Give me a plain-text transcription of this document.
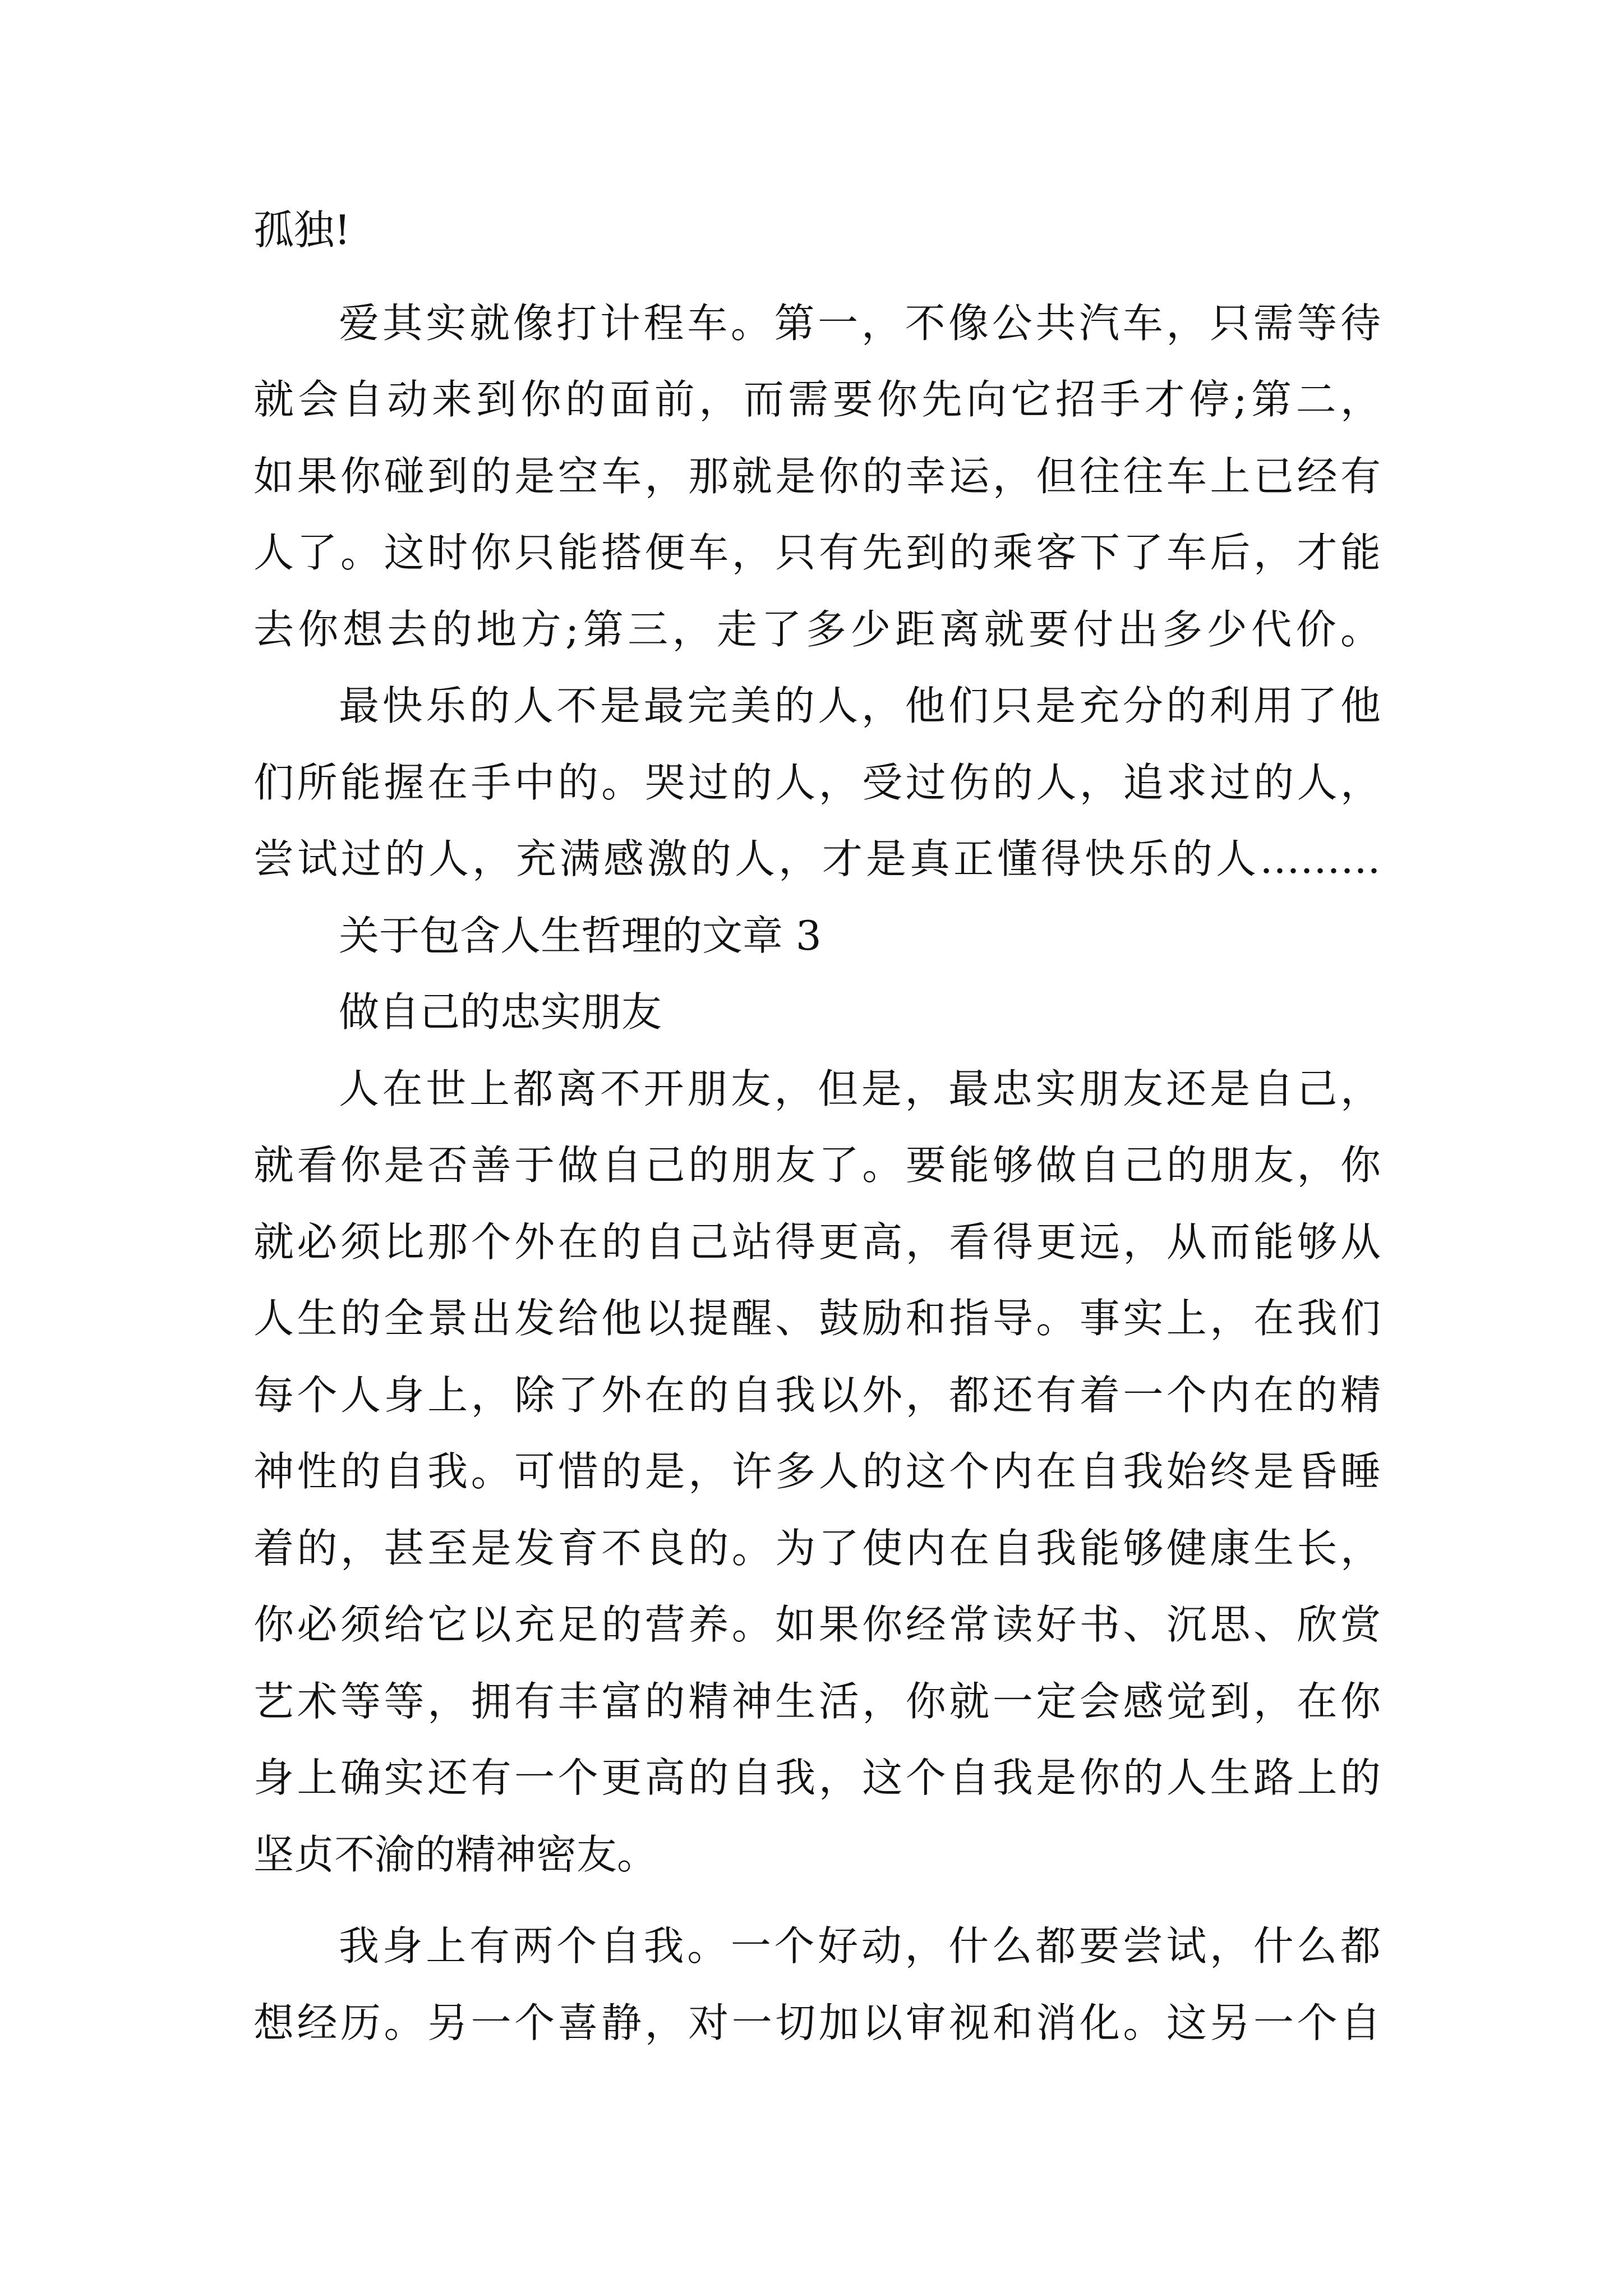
孤独!

爱其实就像打计程车。第一，不像公共汽车，只需等待

就会自动来到你的面前，而需要你先向它招手才停;第二，

如果你碰到的是空车，那就是你的幸运，但往往车上已经有

人了。这时你只能搭便车，只有先到的乘客下了车后，才能

去你想去的地方;第三，走了多少距离就要付出多少代价。

最快乐的人不是最完美的人，他们只是充分的利用了他

们所能握在手中的。哭过的人，受过伤的人，追求过的人，

尝试过的人，充满感激的人，才是真正懂得快乐的人………

关于包含人生哲理的文章 3

做自己的忠实朋友

人在世上都离不开朋友，但是，最忠实朋友还是自己，

就看你是否善于做自己的朋友了。要能够做自己的朋友，你

就必须比那个外在的自己站得更高，看得更远，从而能够从

人生的全景出发给他以提醒、鼓励和指导。事实上，在我们

每个人身上，除了外在的自我以外，都还有着一个内在的精

神性的自我。可惜的是，许多人的这个内在自我始终是昏睡

着的，甚至是发育不良的。为了使内在自我能够健康生长，

你必须给它以充足的营养。如果你经常读好书、沉思、欣赏

艺术等等，拥有丰富的精神生活，你就一定会感觉到，在你

身上确实还有一个更高的自我，这个自我是你的人生路上的

坚贞不渝的精神密友。

我身上有两个自我。一个好动，什么都要尝试，什么都

想经历。另一个喜静，对一切加以审视和消化。这另一个自
